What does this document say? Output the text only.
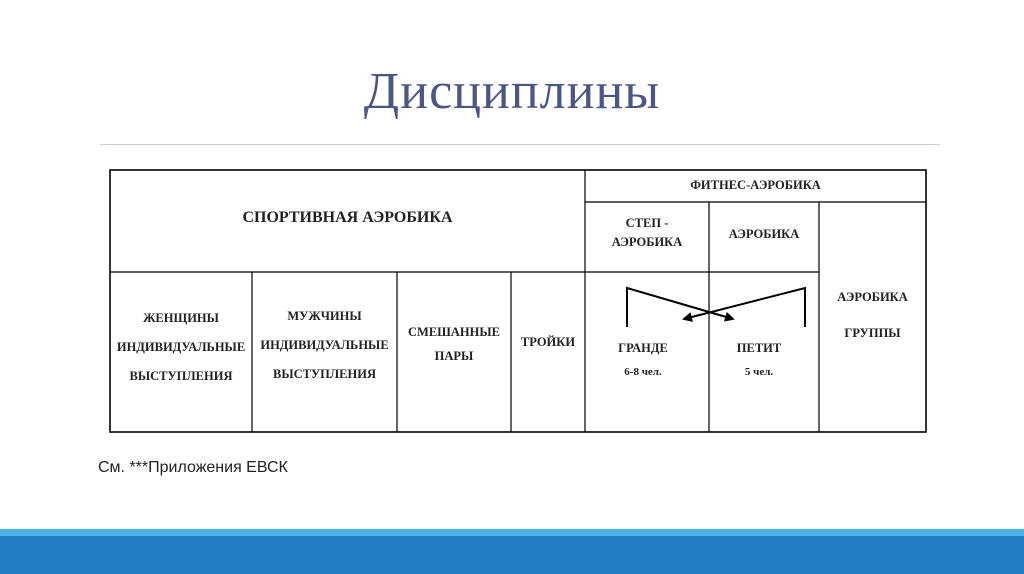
Дисциплины
СПОРТИВНАЯ АЭРОБИКА
ФИТНЕС-АЭРОБИКА
СТЕП -
АЭРОБИКА
АЭРОБИКА
АЭРОБИКА
ГРУППЫ
ЖЕНЩИНЫ
ИНДИВИДУАЛЬНЫЕ
ВЫСТУПЛЕНИЯ
МУЖЧИНЫ
ИНДИВИДУАЛЬНЫЕ
ВЫСТУПЛЕНИЯ
СМЕШАННЫЕ
ПАРЫ
ТРОЙКИ	ГРАНДЕ
6-8 чел.
ПЕТИТ
5 чел.
См. ***Приложения ЕВСК
